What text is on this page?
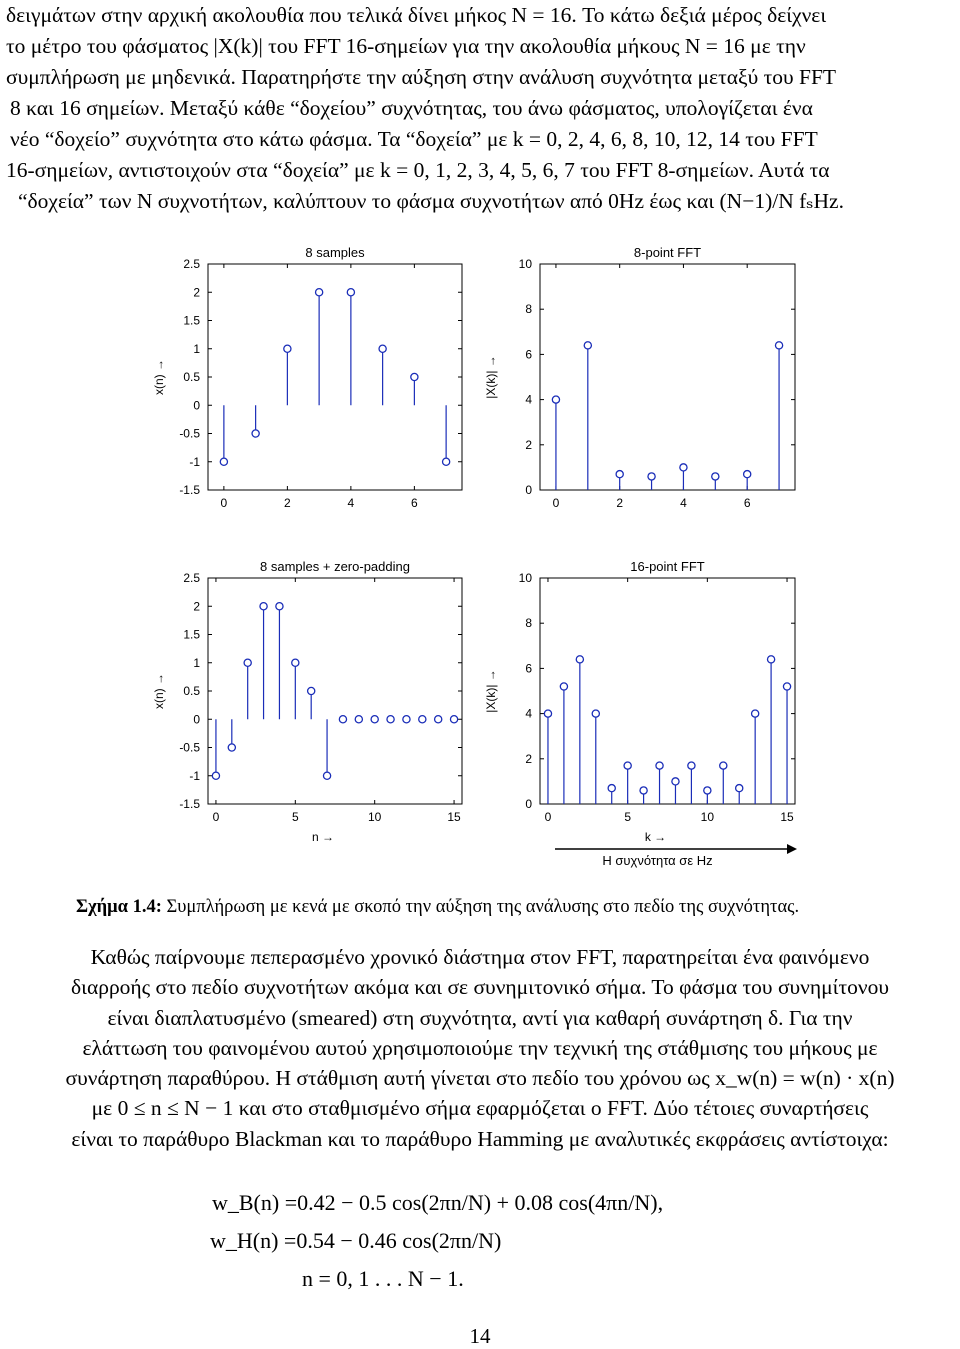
δειγμάτων στην αρχική ακολουθία που τελικά δίνει μήκος N = 16. Το κάτω δεξιά μέρος δείχνει
το μέτρο του φάσματος |X(k)| του FFT 16-σημείων για την ακολουθία μήκους N = 16 με την
συμπλήρωση με μηδενικά. Παρατηρήστε την αύξηση στην ανάλυση συχνότητα μεταξύ του FFT
8 και 16 σημείων. Μεταξύ κάθε “δοχείου” συχνότητας, του άνω φάσματος, υπολογίζεται ένα
νέο “δοχείο” συχνότητα στο κάτω φάσμα. Τα “δοχεία” με k = 0, 2, 4, 6, 8, 10, 12, 14 του FFT
16-σημείων, αντιστοιχούν στα “δοχεία” με k = 0, 1, 2, 3, 4, 5, 6, 7 του FFT 8-σημείων. Αυτά τα
“δοχεία” των N συχνοτήτων, καλύπτουν το φάσμα συχνοτήτων από 0Hz έως και (N−1)/N fₛHz.
8 samples
2.5
2
1.5
1
0.5
0
-0.5
-1
-1.5
0	2	4	6
x(n) →
8-point FFT
10
8
6
4
2
0
0	2	4	6
|X(k)| →
8 samples + zero-padding
2.5
2
1.5
1
0.5
0
-0.5
-1
-1.5
0	5	10	15
x(n) →
n →
16-point FFT
10
8
6
4
2
0
0	5	10	15
|X(k)| →
k →
Η συχνότητα σε Hz
Σχήμα 1.4: Συμπλήρωση με κενά με σκοπό την αύξηση της ανάλυσης στο πεδίο της συχνότητας.
Καθώς παίρνουμε πεπερασμένο χρονικό διάστημα στον FFT, παρατηρείται ένα φαινόμενο
διαρροής στο πεδίο συχνοτήτων ακόμα και σε συνημιτονικό σήμα. Το φάσμα του συνημίτονου
είναι διαπλατυσμένο (smeared) στη συχνότητα, αντί για καθαρή συνάρτηση δ. Για την
ελάττωση του φαινομένου αυτού χρησιμοποιούμε την τεχνική της στάθμισης του μήκους με
συνάρτηση παραθύρου. Η στάθμιση αυτή γίνεται στο πεδίο του χρόνου ως x_w(n) = w(n) · x(n)
με 0 ≤ n ≤ N − 1 και στο σταθμισμένο σήμα εφαρμόζεται ο FFT. Δύο τέτοιες συναρτήσεις
είναι το παράθυρο Blackman και το παράθυρο Hamming με αναλυτικές εκφράσεις αντίστοιχα:
w_B(n) =0.42 − 0.5 cos(2πn/N) + 0.08 cos(4πn/N),
w_H(n) =0.54 − 0.46 cos(2πn/N)
n = 0, 1 . . . N − 1.
14
